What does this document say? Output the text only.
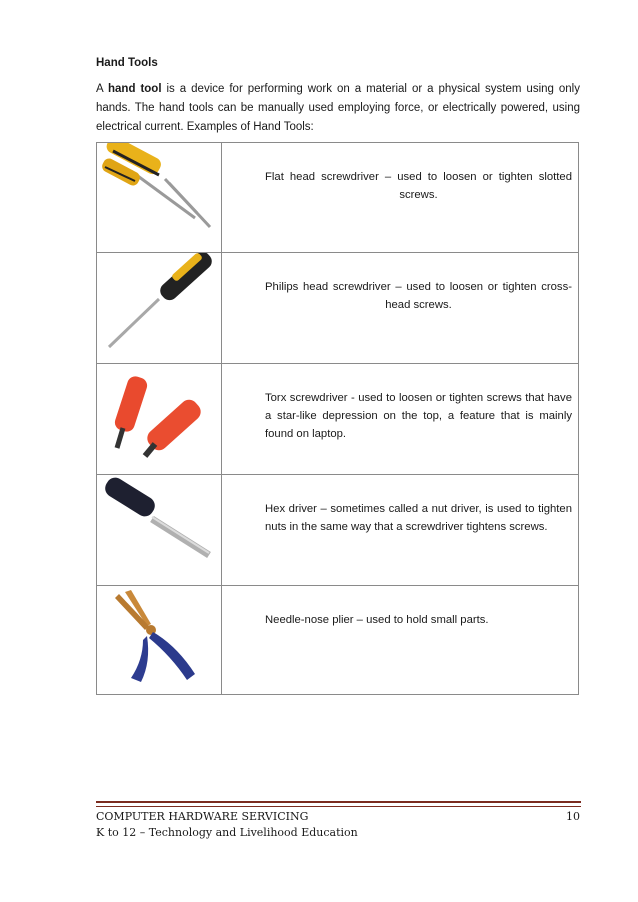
Hand Tools
A hand tool is a device for performing work on a material or a physical system using only hands. The hand tools can be manually used employing force, or electrically powered, using electrical current. Examples of Hand Tools:

Flat head screwdriver – used to loosen or tighten slotted screws.

Philips head screwdriver – used to loosen or tighten cross-head screws.

Torx screwdriver - used to loosen or tighten screws that have a star-like depression on the top, a feature that is mainly found on laptop.

Hex driver – sometimes called a nut driver, is used to tighten nuts in the same way that a screwdriver tightens screws.

Needle-nose plier – used to hold small parts.
COMPUTER HARDWARE SERVICING	10
K to 12 – Technology and Livelihood Education
